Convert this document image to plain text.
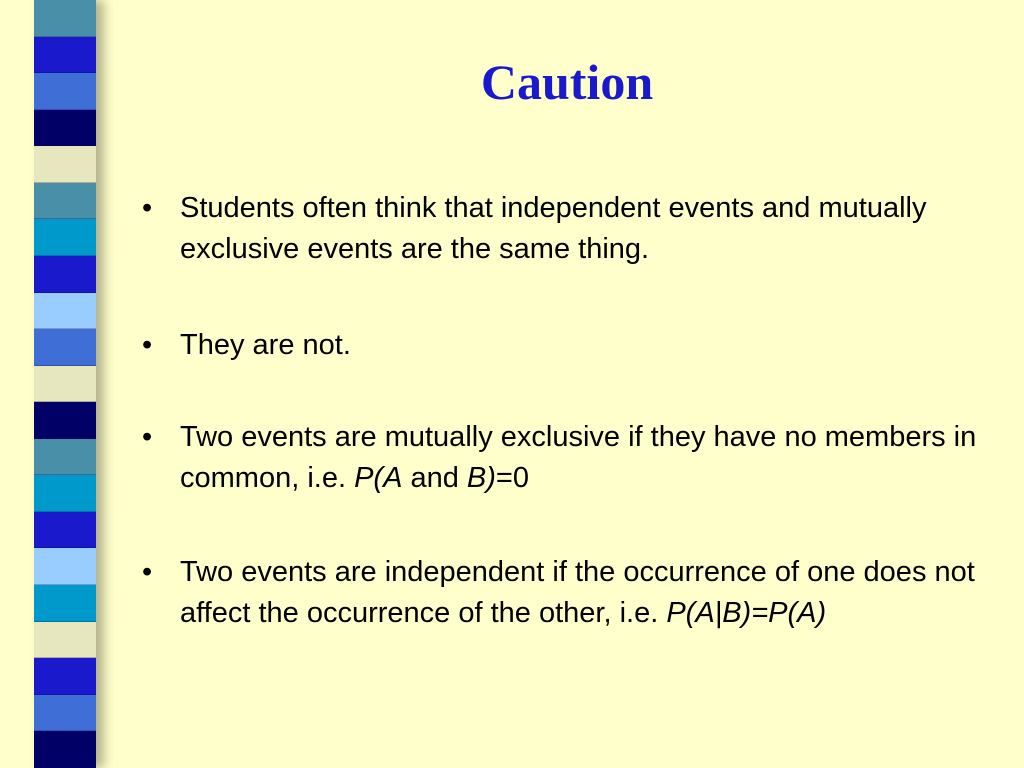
Caution
• Students often think that independent events and mutually exclusive events are the same thing.
• They are not.
• Two events are mutually exclusive if they have no members in common, i.e. P(A and B)=0
• Two events are independent if the occurrence of one does not affect the occurrence of the other, i.e. P(A|B)=P(A)
